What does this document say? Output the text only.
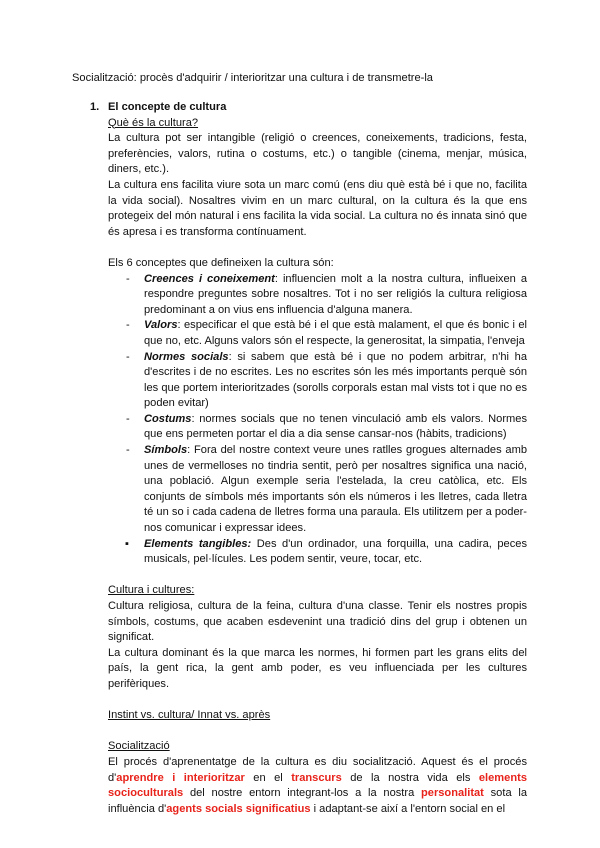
Socialització: procès d'adquirir / interioritzar una cultura i de transmetre-la
1. El concepte de cultura
Què és la cultura?

La cultura pot ser intangible (religió o creences, coneixements, tradicions, festa, preferències, valors, rutina o costums, etc.) o tangible (cinema, menjar, música, diners, etc.).

La cultura ens facilita viure sota un marc comú (ens diu què està bé i que no, facilita la vida social). Nosaltres vivim en un marc cultural, on la cultura és la que ens protegeix del món natural i ens facilita la vida social. La cultura no és innata sinó que és apresa i es transforma contínuament.

Els 6 conceptes que defineixen la cultura són:
- Creences i coneixement: influencien molt a la nostra cultura, influeixen a respondre preguntes sobre nosaltres. Tot i no ser religiós la cultura religiosa predominant a on vius ens influencia d'alguna manera.
- Valors: especificar el que està bé i el que està malament, el que és bonic i el que no, etc. Alguns valors són el respecte, la generositat, la simpatia, l'enveja
- Normes socials: si sabem que està bé i que no podem arbitrar, n'hi ha d'escrites i de no escrites. Les no escrites són les més importants perquè són les que portem interioritzades (sorolls corporals estan mal vists tot i que no es poden evitar)
- Costums: normes socials que no tenen vinculació amb els valors. Normes que ens permeten portar el dia a dia sense cansar-nos (hàbits, tradicions)
- Símbols: Fora del nostre context veure unes ratlles grogues alternades amb unes de vermelloses no tindria sentit, però per nosaltres significa una nació, una població. Algun exemple seria l'estelada, la creu catòlica, etc. Els conjunts de símbols més importants són els números i les lletres, cada lletra té un so i cada cadena de lletres forma una paraula. Els utilitzem per a poder-nos comunicar i expressar idees.
▪ Elements tangibles: Des d'un ordinador, una forquilla, una cadira, peces musicals, pel·lícules. Les podem sentir, veure, tocar, etc.
Cultura i cultures:

Cultura religiosa, cultura de la feina, cultura d'una classe. Tenir els nostres propis símbols, costums, que acaben esdevenint una tradició dins del grup i obtenen un significat.

La cultura dominant és la que marca les normes, hi formen part les grans elits del país, la gent rica, la gent amb poder, es veu influenciada per les cultures perifèriques.

Instint vs. cultura/ Innat vs. après
Socialització

El procés d'aprenentatge de la cultura es diu socialització. Aquest és el procés d'aprendre i interioritzar en el transcurs de la nostra vida els elements socioculturals del nostre entorn integrant-los a la nostra personalitat sota la influència d'agents socials significatius i adaptant-se així a l'entorn social en el
